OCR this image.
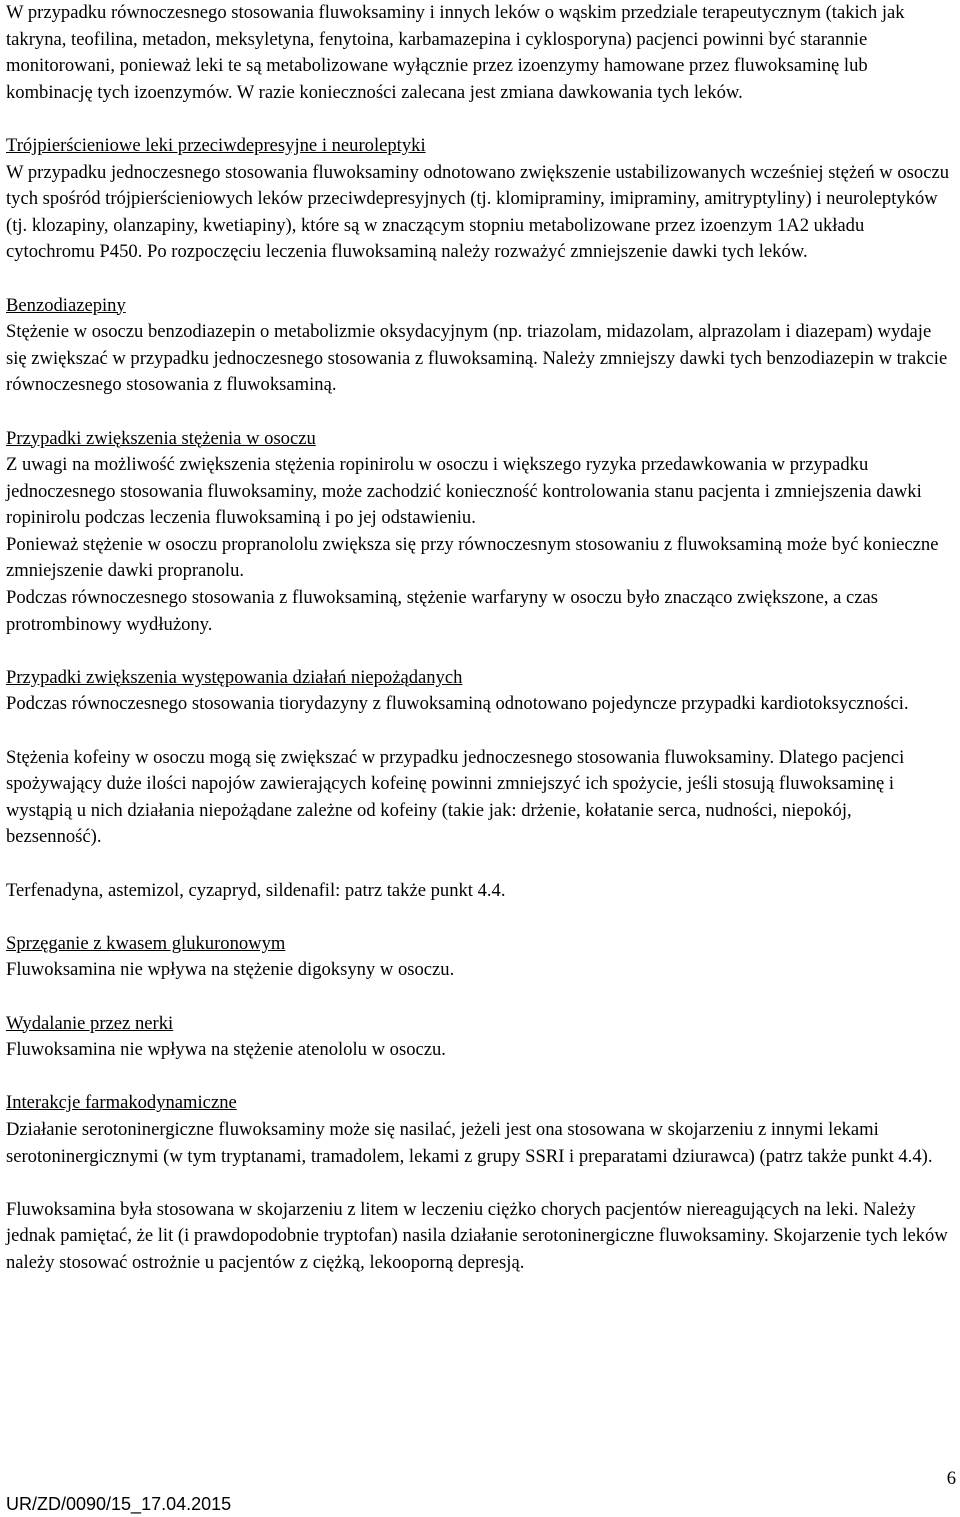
W przypadku równoczesnego stosowania fluwoksaminy i innych leków o wąskim przedziale terapeutycznym (takich jak takryna, teofilina, metadon, meksyletyna, fenytoina, karbamazepina i cyklosporyna) pacjenci powinni być starannie monitorowani, ponieważ leki te są metabolizowane wyłącznie przez izoenzymy hamowane przez fluwoksaminę lub kombinację tych izoenzymów. W razie konieczności zalecana jest zmiana dawkowania tych leków.

Trójpierścieniowe leki przeciwdepresyjne i neuroleptyki

W przypadku jednoczesnego stosowania fluwoksaminy odnotowano zwiększenie ustabilizowanych wcześniej stężeń w osoczu tych spośród trójpierścieniowych leków przeciwdepresyjnych (tj. klomipraminy, imipraminy, amitryptyliny) i neuroleptyków (tj. klozapiny, olanzapiny, kwetiapiny), które są w znaczącym stopniu metabolizowane przez izoenzym 1A2 układu cytochromu P450. Po rozpoczęciu leczenia fluwoksaminą należy rozważyć zmniejszenie dawki tych leków.

Benzodiazepiny

Stężenie w osoczu benzodiazepin o metabolizmie oksydacyjnym (np. triazolam, midazolam, alprazolam i diazepam) wydaje się zwiększać w przypadku jednoczesnego stosowania z fluwoksaminą. Należy zmniejszy dawki tych benzodiazepin w trakcie równoczesnego stosowania z fluwoksaminą.

Przypadki zwiększenia stężenia w osoczu

Z uwagi na możliwość zwiększenia stężenia ropinirolu w osoczu i większego ryzyka przedawkowania w przypadku jednoczesnego stosowania fluwoksaminy, może zachodzić konieczność kontrolowania stanu pacjenta i zmniejszenia dawki ropinirolu podczas leczenia fluwoksaminą i po jej odstawieniu.

Ponieważ stężenie w osoczu propranololu zwiększa się przy równoczesnym stosowaniu z fluwoksaminą może być konieczne zmniejszenie dawki propranolu.

Podczas równoczesnego stosowania z fluwoksaminą, stężenie warfaryny w osoczu było znacząco zwiększone, a czas protrombinowy wydłużony.

Przypadki zwiększenia występowania działań niepożądanych

Podczas równoczesnego stosowania tiorydazyny z fluwoksaminą odnotowano pojedyncze przypadki kardiotoksyczności.

Stężenia kofeiny w osoczu mogą się zwiększać w przypadku jednoczesnego stosowania fluwoksaminy. Dlatego pacjenci spożywający duże ilości napojów zawierających kofeinę powinni zmniejszyć ich spożycie, jeśli stosują fluwoksaminę i wystąpią u nich działania niepożądane zależne od kofeiny (takie jak: drżenie, kołatanie serca, nudności, niepokój, bezsenność).

Terfenadyna, astemizol, cyzapryd, sildenafil: patrz także punkt 4.4.

Sprzęganie z kwasem glukuronowym

Fluwoksamina nie wpływa na stężenie digoksyny w osoczu.

Wydalanie przez nerki

Fluwoksamina nie wpływa na stężenie atenololu w osoczu.

Interakcje farmakodynamiczne

Działanie serotoninergiczne fluwoksaminy może się nasilać, jeżeli jest ona stosowana w skojarzeniu z innymi lekami serotoninergicznymi (w tym tryptanami, tramadolem, lekami z grupy SSRI i preparatami dziurawca) (patrz także punkt 4.4).

Fluwoksamina była stosowana w skojarzeniu z litem w leczeniu ciężko chorych pacjentów niereagujących na leki. Należy jednak pamiętać, że lit (i prawdopodobnie tryptofan) nasila działanie serotoninergiczne fluwoksaminy. Skojarzenie tych leków należy stosować ostrożnie u pacjentów z ciężką, lekooporną depresją.

6
UR/ZD/0090/15_17.04.2015
